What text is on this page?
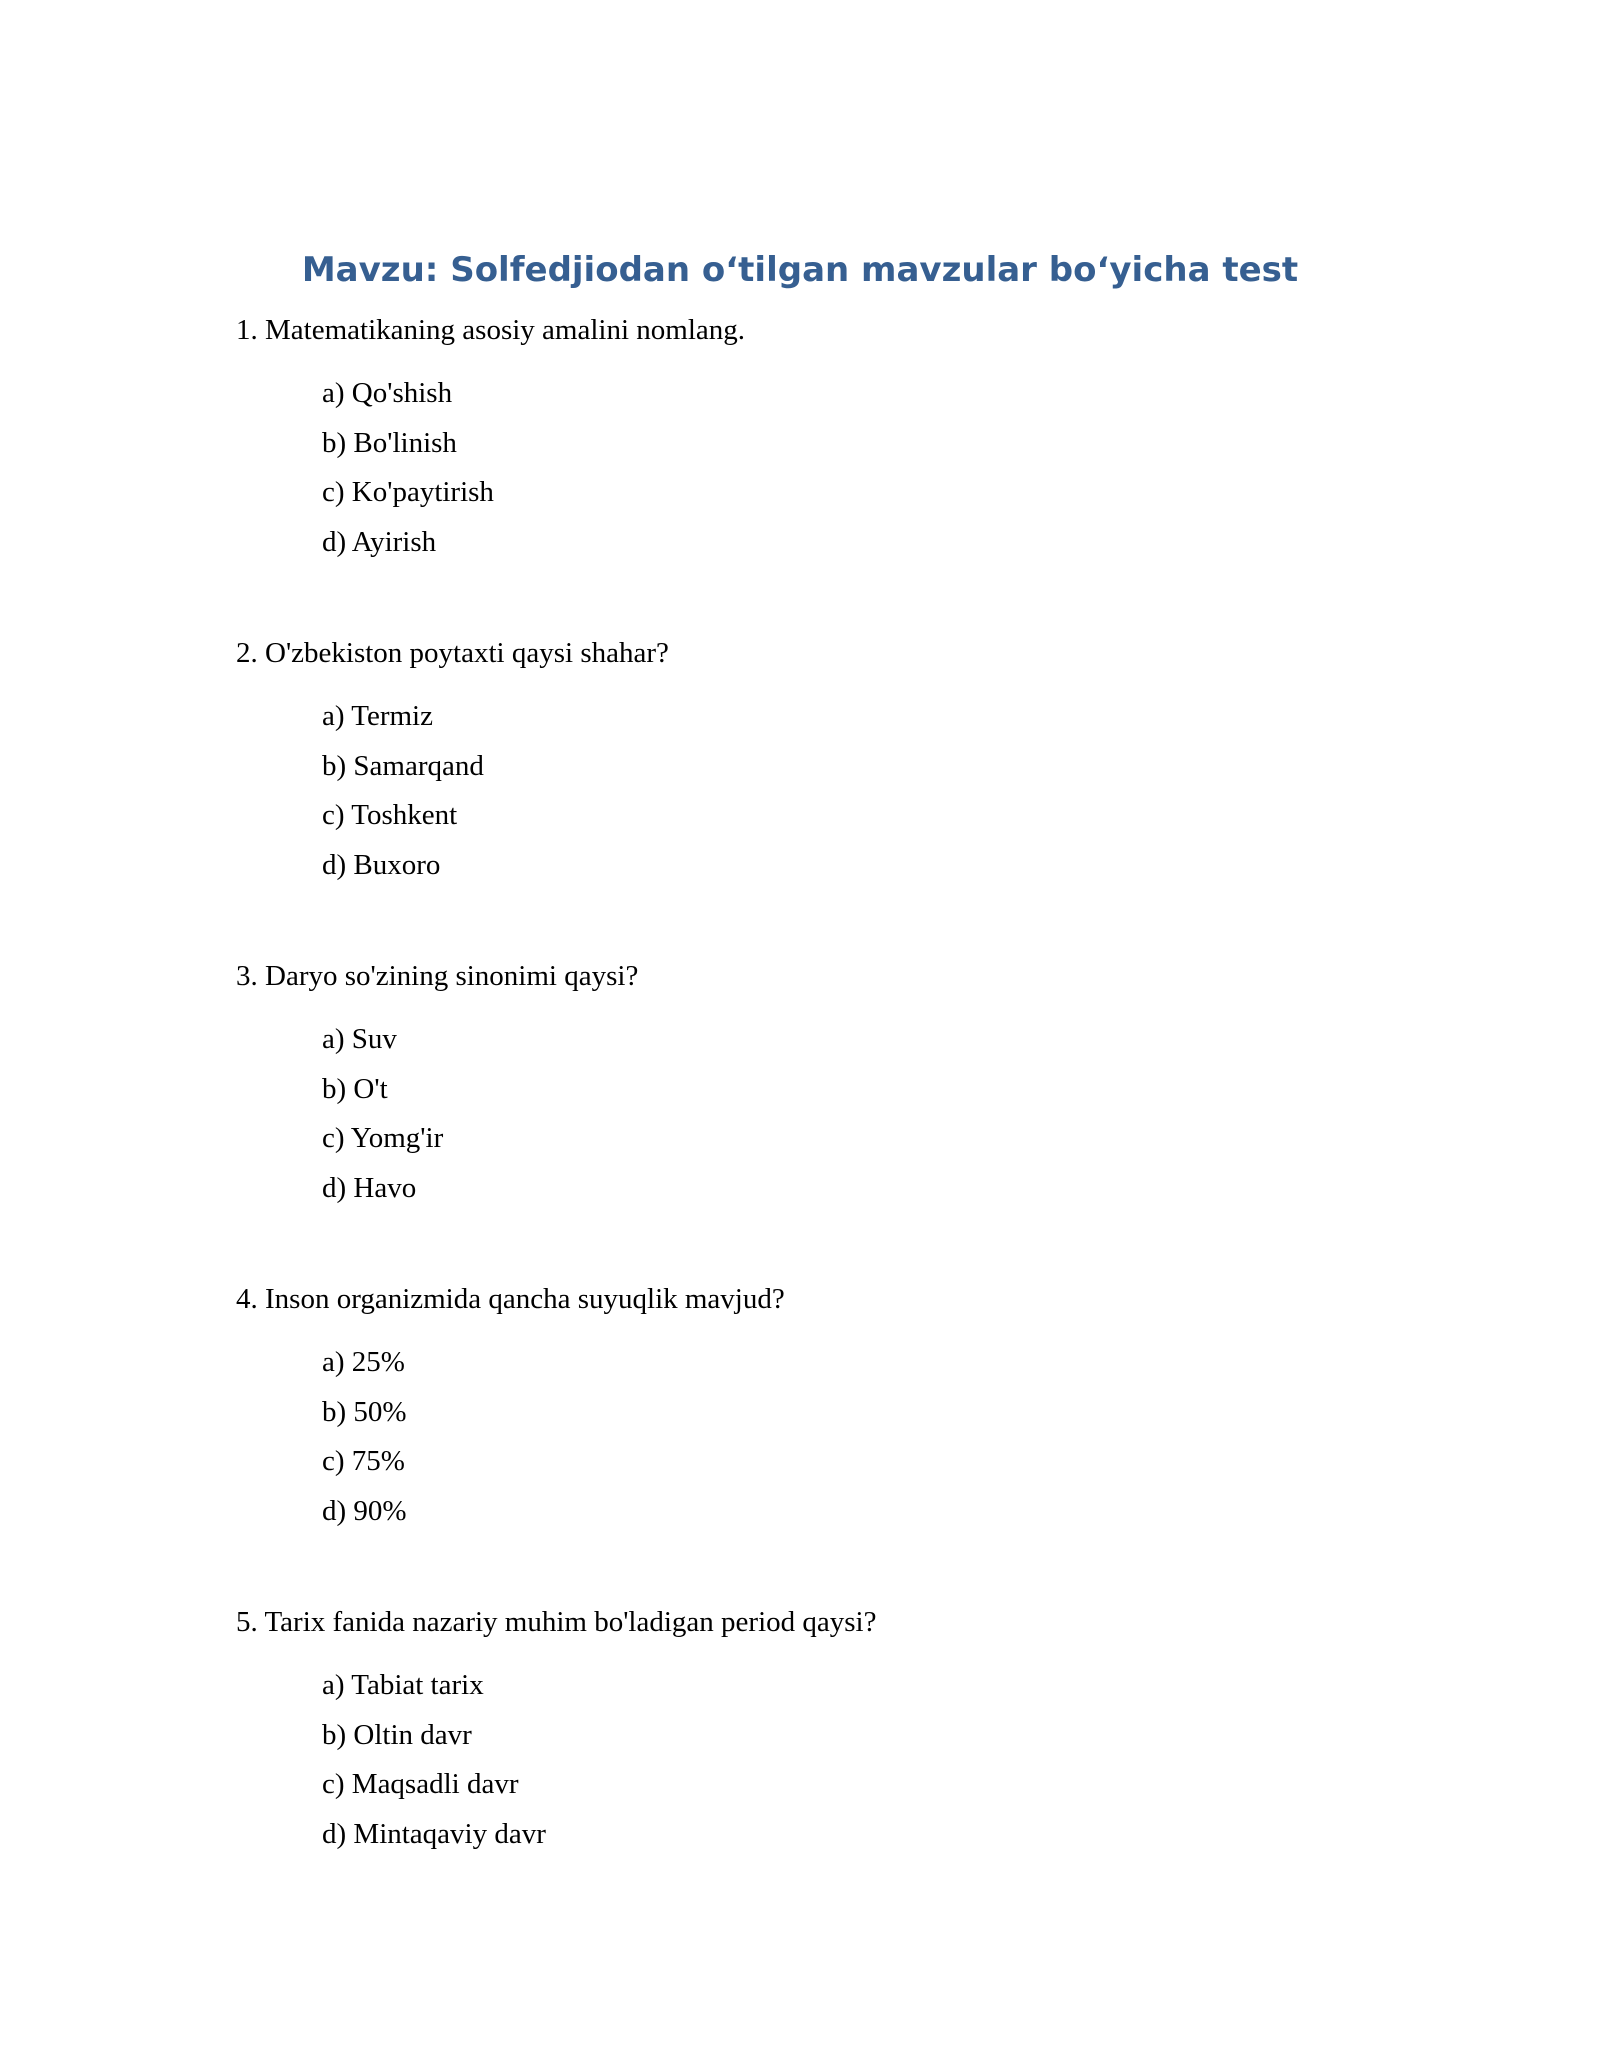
Mavzu: Solfedjiodan o‘tilgan mavzular bo‘yicha test
1. Matematikaning asosiy amalini nomlang.
a) Qo'shish
b) Bo'linish
c) Ko'paytirish
d) Ayirish
2. O'zbekiston poytaxti qaysi shahar?
a) Termiz
b) Samarqand
c) Toshkent
d) Buxoro
3. Daryo so'zining sinonimi qaysi?
a) Suv
b) O't
c) Yomg'ir
d) Havo
4. Inson organizmida qancha suyuqlik mavjud?
a) 25%
b) 50%
c) 75%
d) 90%
5. Tarix fanida nazariy muhim bo'ladigan period qaysi?
a) Tabiat tarix
b) Oltin davr
c) Maqsadli davr
d) Mintaqaviy davr
